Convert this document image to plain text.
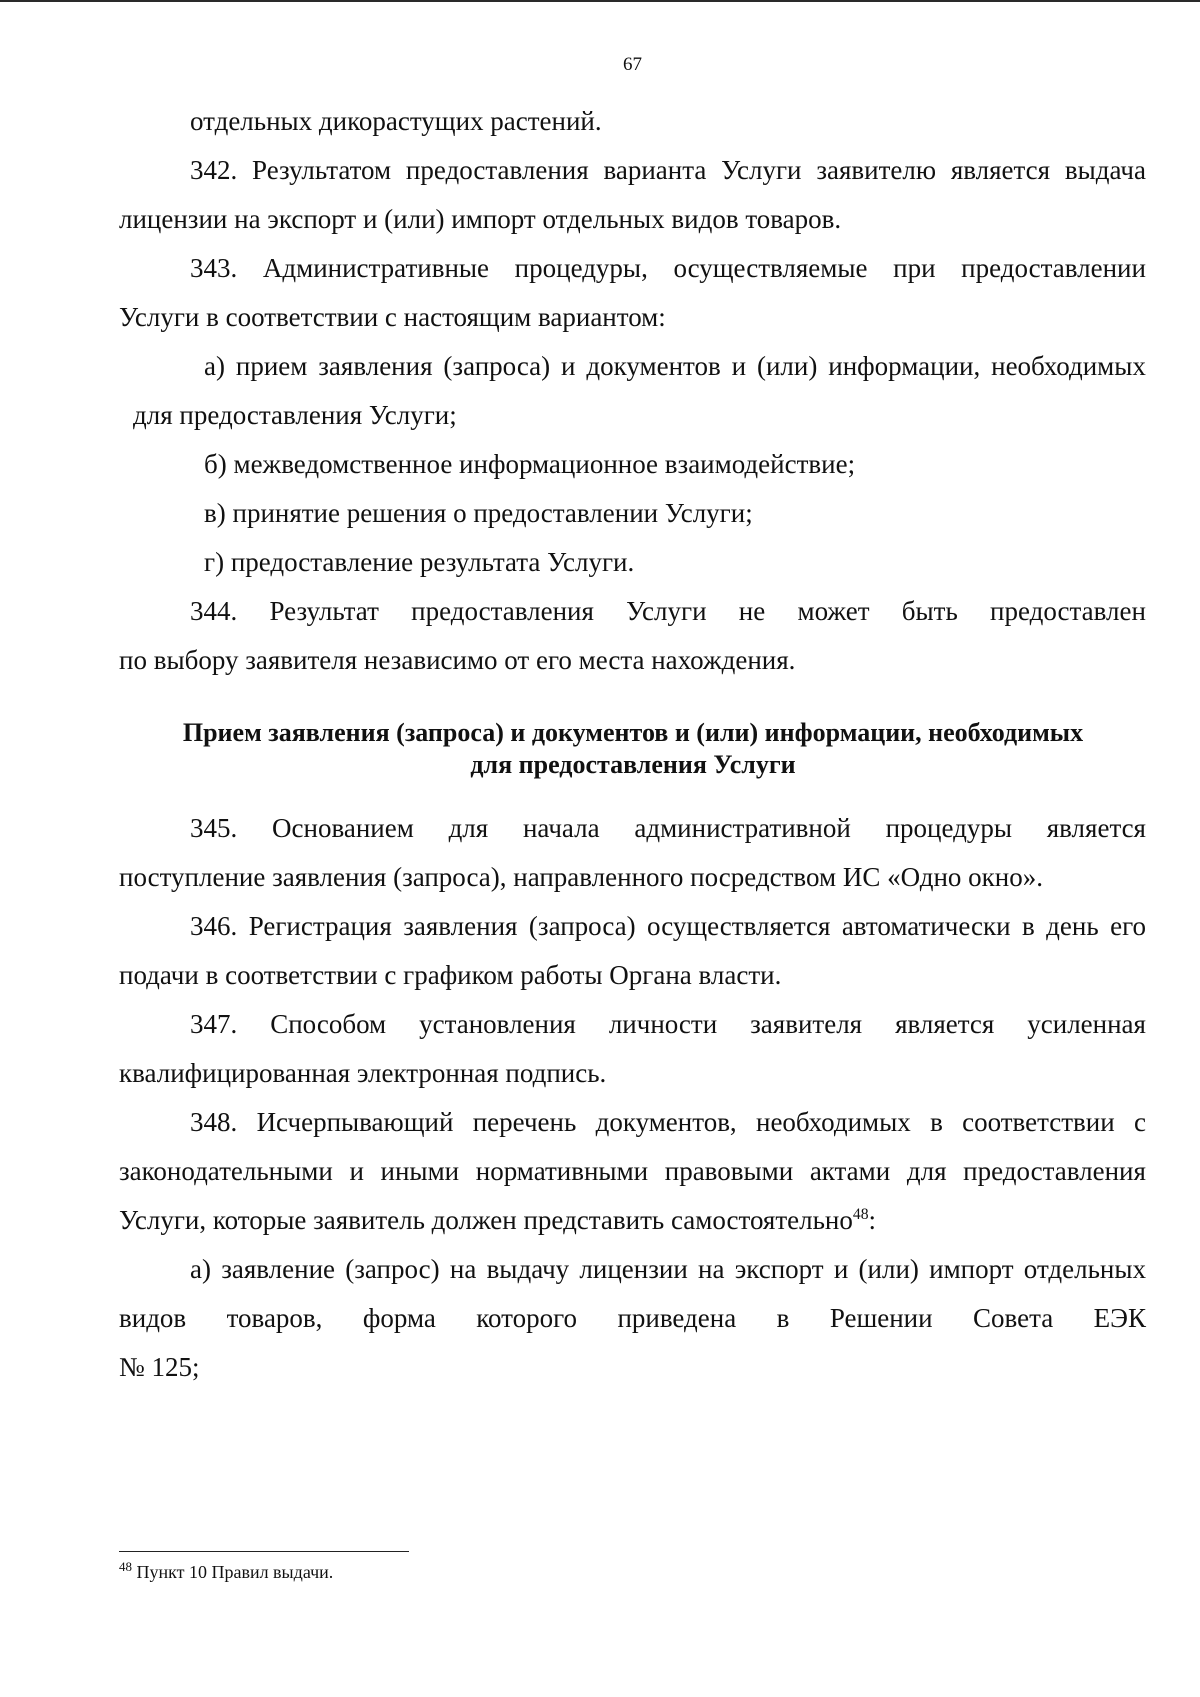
67
отдельных дикорастущих растений.
342. Результатом предоставления варианта Услуги заявителю является выдача
лицензии на экспорт и (или) импорт отдельных видов товаров.
343. Административные процедуры, осуществляемые при предоставлении
Услуги в соответствии с настоящим вариантом:
а) прием заявления (запроса) и документов и (или) информации, необходимых
для предоставления Услуги;
б) межведомственное информационное взаимодействие;
в) принятие решения о предоставлении Услуги;
г) предоставление результата Услуги.
344. Результат предоставления Услуги не может быть предоставлен
по выбору заявителя независимо от его места нахождения.
Прием заявления (запроса) и документов и (или) информации, необходимых
для предоставления Услуги
345. Основанием для начала административной процедуры является
поступление заявления (запроса), направленного посредством ИС «Одно окно».
346. Регистрация заявления (запроса) осуществляется автоматически в день его
подачи в соответствии с графиком работы Органа власти.
347. Способом установления личности заявителя является усиленная
квалифицированная электронная подпись.
348. Исчерпывающий перечень документов, необходимых в соответствии с
законодательными и иными нормативными правовыми актами для предоставления
Услуги, которые заявитель должен представить самостоятельно$^{48}$:
а) заявление (запрос) на выдачу лицензии на экспорт и (или) импорт отдельных
видов товаров, форма которого приведена в Решении Совета ЕЭК
№ 125;
$^{48}$ Пункт 10 Правил выдачи.
